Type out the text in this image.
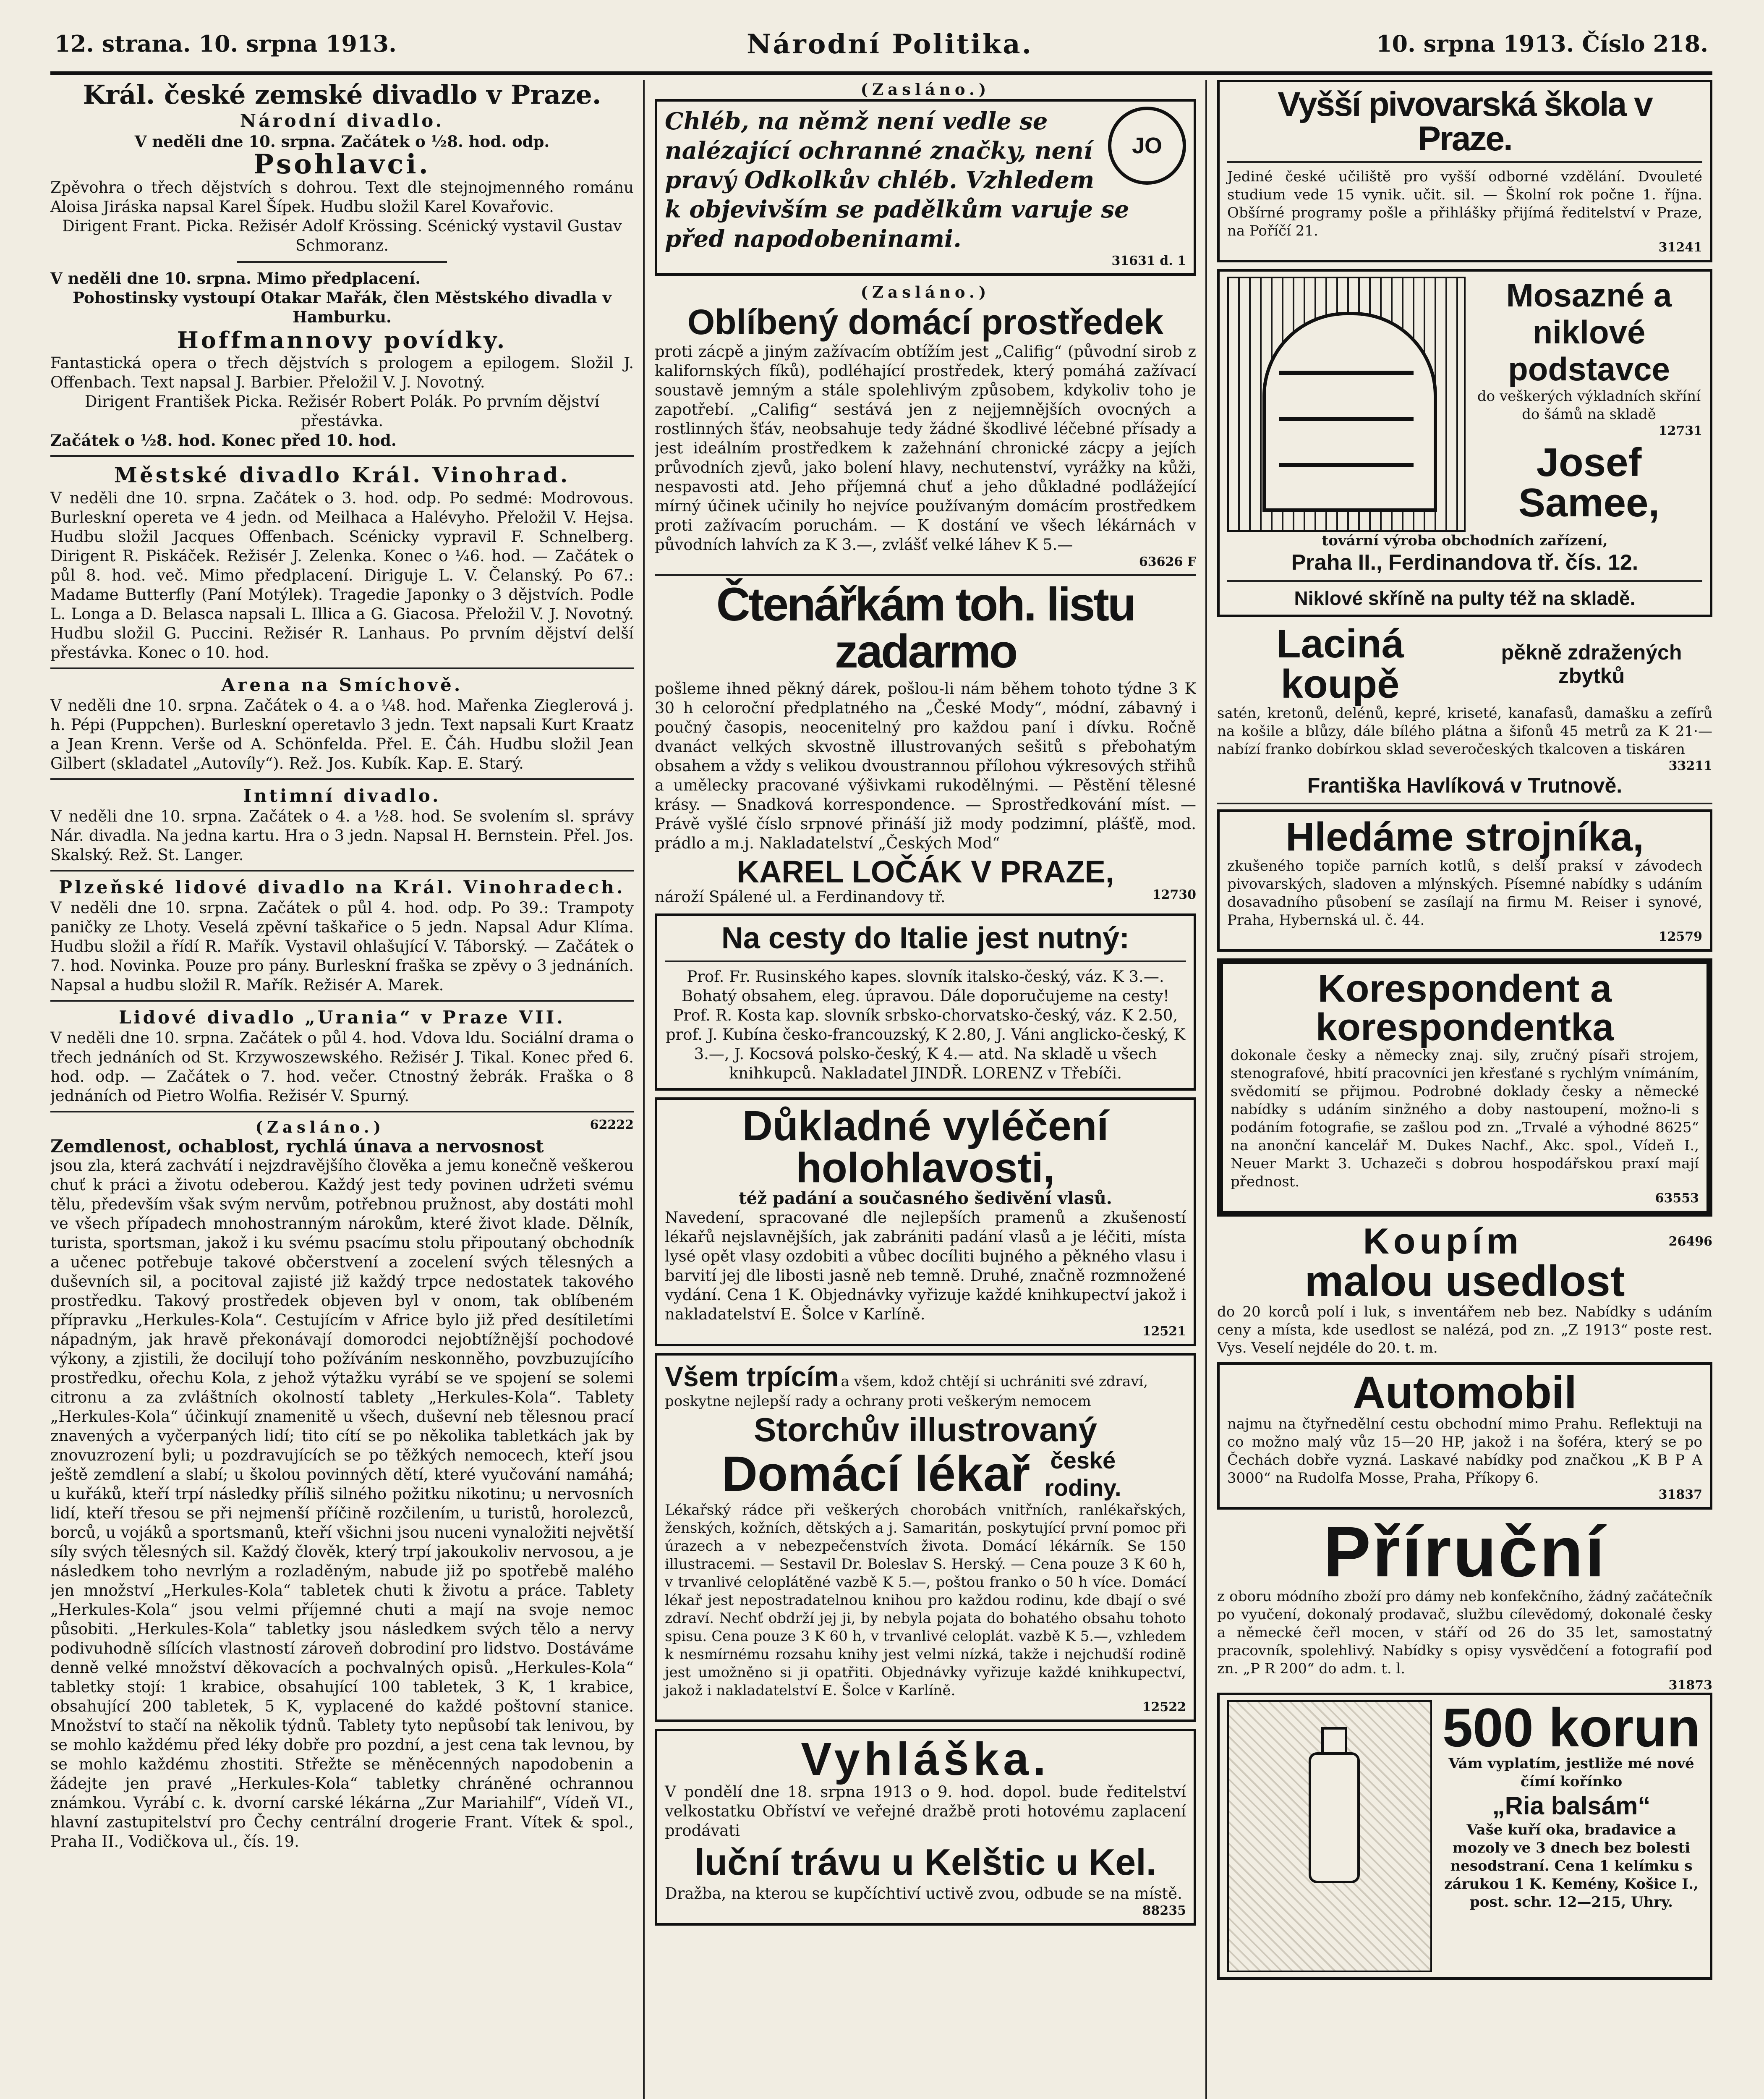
12. strana. 10. srpna 1913.	Národní Politika.	10. srpna 1913. Číslo 218.

Král. české zemské divadlo v Praze.

Národní divadlo.

V neděli dne 10. srpna. Začátek o ½8. hod. odp.

Psohlavci.

Zpěvohra o třech dějstvích s dohrou. Text dle stejnojmenného románu Aloisa Jiráska napsal Karel Šípek. Hudbu složil Karel Kovařovic.

Dirigent Frant. Picka. Režisér Adolf Krössing. Scénický vystavil Gustav Schmoranz.

V neděli dne 10. srpna. Mimo předplacení.

Pohostinsky vystoupí Otakar Mařák, člen Městského divadla v Hamburku.

Hoffmannovy povídky.

Fantastická opera o třech dějstvích s prologem a epilogem. Složil J. Offenbach. Text napsal J. Barbier. Přeložil V. J. Novotný.

Dirigent František Picka. Režisér Robert Polák. Po prvním dějství přestávka.

Začátek o ½8. hod. Konec před 10. hod.

Městské divadlo Král. Vinohrad.

V neděli dne 10. srpna. Začátek o 3. hod. odp. Po sedmé: Modrovous. Burleskní opereta ve 4 jedn. od Meilhaca a Halévyho. Přeložil V. Hejsa. Hudbu složil Jacques Offenbach. Scénicky vypravil F. Schnelberg. Dirigent R. Piskáček. Režisér J. Zelenka. Konec o ¼6. hod. — Začátek o půl 8. hod. več. Mimo předplacení. Diriguje L. V. Čelanský. Po 67.: Madame Butterfly (Paní Motýlek). Tragedie Japonky o 3 dějstvích. Podle L. Longa a D. Belasca napsali L. Illica a G. Giacosa. Přeložil V. J. Novotný. Hudbu složil G. Puccini. Režisér R. Lanhaus. Po prvním dějství delší přestávka. Konec o 10. hod.

Arena na Smíchově.

V neděli dne 10. srpna. Začátek o 4. a o ¼8. hod. Mařenka Zieglerová j. h. Pépi (Puppchen). Burleskní operetavlo 3 jedn. Text napsali Kurt Kraatz a Jean Krenn. Verše od A. Schönfelda. Přel. E. Čáh. Hudbu složil Jean Gilbert (skladatel „Autovíly“). Rež. Jos. Kubík. Kap. E. Starý.

Intimní divadlo.

V neděli dne 10. srpna. Začátek o 4. a ½8. hod. Se svolením sl. správy Nár. divadla. Na jedna kartu. Hra o 3 jedn. Napsal H. Bernstein. Přel. Jos. Skalský. Rež. St. Langer.

Plzeňské lidové divadlo na Král. Vinohradech.

V neděli dne 10. srpna. Začátek o půl 4. hod. odp. Po 39.: Trampoty paničky ze Lhoty. Veselá zpěvní taškařice o 5 jedn. Napsal Adur Klíma. Hudbu složil a řídí R. Mařík. Vystavil ohlašující V. Táborský. — Začátek o 7. hod. Novinka. Pouze pro pány. Burleskní fraška se zpěvy o 3 jednáních. Napsal a hudbu složil R. Mařík. Režisér A. Marek.

Lidové divadlo „Urania“ v Praze VII.

V neděli dne 10. srpna. Začátek o půl 4. hod. Vdova ldu. Sociální drama o třech jednáních od St. Krzywoszewského. Režisér J. Tikal. Konec před 6. hod. odp. — Začátek o 7. hod. večer. Ctnostný žebrák. Fraška o 8 jednáních od Pietro Wolfia. Režisér V. Spurný.

(Zasláno.)	62222

Zemdlenost, ochablost, rychlá únava a nervosnost

jsou zla, která zachvátí i nejzdravějšího člověka a jemu konečně veškerou chuť k práci a životu odeberou. Každý jest tedy povinen udržeti svému tělu, především však svým nervům, potřebnou pružnost, aby dostáti mohl ve všech případech mnohostranným nárokům, které život klade. Dělník, turista, sportsman, jakož i ku svému psacímu stolu připoutaný obchodník a učenec potřebuje takové občerstvení a zocelení svých tělesných a duševních sil, a pocitoval zajisté již každý trpce nedostatek takového prostředku. Takový prostředek objeven byl v onom, tak oblíbeném přípravku „Herkules-Kola“. Cestujícím v Africe bylo již před desítiletími nápadným, jak hravě překonávají domorodci nejobtížnější pochodové výkony, a zjistili, že docilují toho požíváním neskonněho, povzbuzujícího prostředku, ořechu Kola, z jehož výtažku vyrábí se ve spojení se solemi citronu a za zvláštních okolností tablety „Herkules-Kola“. Tablety „Herkules-Kola“ účinkují znamenitě u všech, duševní neb tělesnou prací znavených a vyčerpaných lidí; tito cítí se po několika tabletkách jak by znovuzrození byli; u pozdravujících se po těžkých nemocech, kteří jsou ještě zemdlení a slabí; u školou povinných dětí, které vyučování namáhá; u kuřáků, kteří trpí následky příliš silného požitku nikotinu; u nervosních lidí, kteří třesou se při nejmenší příčině rozčilením, u turistů, horolezců, borců, u vojáků a sportsmanů, kteří všichni jsou nuceni vynaložiti největší síly svých tělesných sil. Každý člověk, který trpí jakoukoliv nervosou, a je následkem toho nevrlým a rozladěným, nabude již po spotřebě malého jen množství „Herkules-Kola“ tabletek chuti k životu a práce. Tablety „Herkules-Kola“ jsou velmi příjemné chuti a mají na svoje nemoc působiti. „Herkules-Kola“ tabletky jsou následkem svých tělo a nervy podivuhodně sílících vlastností zároveň dobrodiní pro lidstvo. Dostáváme denně velké množství děkovacích a pochvalných opisů. „Herkules-Kola“ tabletky stojí: 1 krabice, obsahující 100 tabletek, 3 K, 1 krabice, obsahující 200 tabletek, 5 K, vyplacené do každé poštovní stanice. Množství to stačí na několik týdnů. Tablety tyto nepůsobí tak lenivou, by se mohlo každému před léky dobře pro pozdní, a jest cena tak levnou, by se mohlo každému zhostiti. Střežte se měněcenných napodobenin a žádejte jen pravé „Herkules-Kola“ tabletky chráněné ochrannou známkou. Vyrábí c. k. dvorní carské lékárna „Zur Mariahilf“, Vídeň VI., hlavní zastupitelství pro Čechy centrální drogerie Frant. Vítek & spol., Praha II., Vodičkova ul., čís. 19.

(Zasláno.)

JO

Chléb, na němž není vedle se nalézající ochranné značky, není pravý Odkolkův chléb. Vzhledem k objevivším se padělkům varuje se před napodobeninami.

31631 d. 1

(Zasláno.)

Oblíbený domácí prostředek

proti zácpě a jiným zažívacím obtížím jest „Califig“ (původní sirob z kalifornských fíků), podléhající prostředek, který pomáhá zažívací soustavě jemným a stále spolehlivým způsobem, kdykoliv toho je zapotřebí. „Califig“ sestává jen z nejjemnějších ovocných a rostlinných šťáv, neobsahuje tedy žádné škodlivé léčebné přísady a jest ideálním prostředkem k zažehnání chronické zácpy a jejích průvodních zjevů, jako bolení hlavy, nechutenství, vyrážky na kůži, nespavosti atd. Jeho příjemná chuť a jeho důkladné podlážející mírný účinek učinily ho nejvíce používaným domácím prostředkem proti zažívacím poruchám. — K dostání ve všech lékárnách v původních lahvích za K 3.—, zvlášť velké láhev K 5.—

63626 F

Čtenářkám toh. listu zadarmo

pošleme ihned pěkný dárek, pošlou-li nám během tohoto týdne 3 K 30 h celoroční předplatného na „České Mody“, módní, zábavný i poučný časopis, neocenitelný pro každou paní i dívku. Ročně dvanáct velkých skvostně illustrovaných sešitů s přebohatým obsahem a vždy s velikou dvoustrannou přílohou výkresových střihů a umělecky pracované výšivkami rukodělnými. — Pěstění tělesné krásy. — Snadková korrespondence. — Sprostředkování míst. — Právě vyšlé číslo srpnové přináší již mody podzimní, plášťě, mod. prádlo a m.j. Nakladatelství „Českých Mod“

KAREL LOČÁK V PRAZE,

nároží Spálené ul. a Ferdinandovy tř.	12730

Na cesty do Italie jest nutný:

Prof. Fr. Rusinského kapes. slovník italsko-český, váz. K 3.—. Bohatý obsahem, eleg. úpravou. Dále doporučujeme na cesty! Prof. R. Kosta kap. slovník srbsko-chorvatsko-český, váz. K 2.50, prof. J. Kubína česko-francouzský, K 2.80, J. Váni anglicko-český, K 3.—, J. Kocsová polsko-český, K 4.— atd. Na skladě u všech knihkupců. Nakladatel JINDŘ. LORENZ v Třebíči.

Důkladné vyléčení

holohlavosti,

též padání a současného šedivění vlasů.

Navedení, spracované dle nejlepších pramenů a zkušeností lékařů nejslavnějších, jak zabrániti padání vlasů a je léčiti, místa lysé opět vlasy ozdobiti a vůbec docíliti bujného a pěkného vlasu i barvití jej dle libosti jasně neb temně. Druhé, značně rozmnožené vydání. Cena 1 K. Objednávky vyřizuje každé knihkupectví jakož i nakladatelství E. Šolce v Karlíně.

12521

Všem trpícím

a všem, kdož chtějí si uchrániti své zdraví, poskytne nejlepší rady a ochrany proti veškerým nemocem

Storchův illustrovaný

Domácí lékař české rodiny.

Lékařský rádce při veškerých chorobách vnitřních, ranlékařských, ženských, kožních, dětských a j. Samaritán, poskytující první pomoc při úrazech a v nebezpečenstvích života. Domácí lékárník. Se 150 illustracemi. — Sestavil Dr. Boleslav S. Herský. — Cena pouze 3 K 60 h, v trvanlivé celoplátěné vazbě K 5.—, poštou franko o 50 h více. Domácí lékař jest nepostradatelnou knihou pro každou rodinu, kde dbají o své zdraví. Nechť obdrží jej ji, by nebyla pojata do bohatého obsahu tohoto spisu. Cena pouze 3 K 60 h, v trvanlivé celoplát. vazbě K 5.—, vzhledem k nesmírnému rozsahu knihy jest velmi nízká, takže i nejchudší rodině jest umožněno si ji opatřiti. Objednávky vyřizuje každé knihkupectví, jakož i nakladatelství E. Šolce v Karlíně.

12522

Vyhláška.

V pondělí dne 18. srpna 1913 o 9. hod. dopol. bude ředitelství velkostatku Obříství ve veřejné dražbě proti hotovému zaplacení prodávati

luční trávu u Kelštic u Kel.

Dražba, na kterou se kupčíchtiví uctivě zvou, odbude se na místě.

88235

Vyšší pivovarská škola v Praze.

Jediné české učiliště pro vyšší odborné vzdělání. Dvouleté studium vede 15 vynik. učit. sil. — Školní rok počne 1. října. Obšírné programy pošle a přihlášky přijímá ředitelství v Praze, na Poříčí 21.

31241

Mosazné a niklové podstavce

do veškerých výkladních skříní do šámů na skladě

12731

Josef Samee,

tovární výroba obchodních zařízení,

Praha II., Ferdinandova tř. čís. 12.

Niklové skříně na pulty též na skladě.

Laciná koupě

pěkně zdražených zbytků

satén, kretonů, delénů, kepré, kriseté, kanafasů, damašku a zefírů na košile a blůzy, dále bílého plátna a šifonů 45 metrů za K 21·— nabízí franko dobírkou sklad severočeských tkalcoven a tiskáren

33211

Františka Havlíková v Trutnově.

Hledáme strojníka,

zkušeného topiče parních kotlů, s delší praksí v závodech pivovarských, sladoven a mlýnských. Písemné nabídky s udáním dosavadního působení se zasílají na firmu M. Reiser i synové, Praha, Hybernská ul. č. 44.

12579

Korespondent a

korespondentka

dokonale česky a německy znaj. sily, zručný písaři strojem, stenografové, hbití pracovníci jen křesťané s rychlým vnímáním, svědomití se přijmou. Podrobné doklady česky a německé nabídky s udáním sinžného a doby nastoupení, možno-li s podáním fotografie, se zašlou pod zn. „Trvalé a výhodné 8625“ na anonční kancelář M. Dukes Nachf., Akc. spol., Vídeň I., Neuer Markt 3. Uchazeči s dobrou hospodářskou praxí mají přednost.

63553

Koupím	26496

malou usedlost

do 20 korců polí i luk, s inventářem neb bez. Nabídky s udáním ceny a místa, kde usedlost se nalézá, pod zn. „Z 1913“ poste rest. Vys. Veselí nejdéle do 20. t. m.

Automobil

najmu na čtyřnedělní cestu obchodní mimo Prahu. Reflektuji na co možno malý vůz 15—20 HP, jakož i na šoféra, který se po Čechách dobře vyzná. Laskavé nabídky pod značkou „K B P A 3000“ na Rudolfa Mosse, Praha, Příkopy 6.

31837

Příruční

z oboru módního zboží pro dámy neb konfekčního, žádný začátečník po vyučení, dokonalý prodavač, službu cílevědomý, dokonalé česky a německé čeřl mocen, v stáří od 26 do 35 let, samostatný pracovník, spolehlivý. Nabídky s opisy vysvědčení a fotografií pod zn. „P R 200“ do adm. t. l.

31873

500 korun

Vám vyplatím, jestliže mé nové čímí kořínko

„Ria balsám“

Vaše kuří oka, bradavice a mozoly ve 3 dnech bez bolesti nesodstraní. Cena 1 kelímku s zárukou 1 K. Kemény, Košice I., post. schr. 12—215, Uhry.
